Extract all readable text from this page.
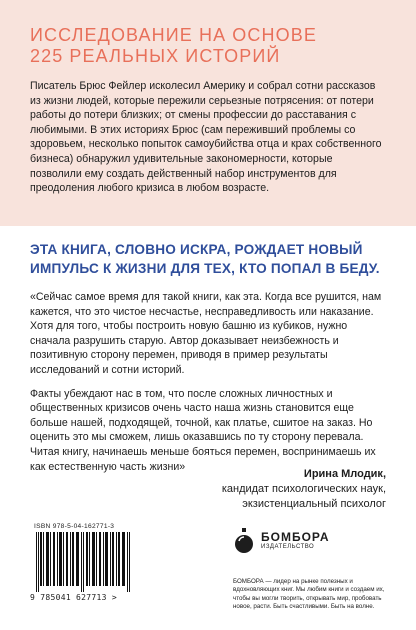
ИССЛЕДОВАНИЕ НА ОСНОВЕ
225 РЕАЛЬНЫХ ИСТОРИЙ

Писатель Брюс Фейлер исколесил Америку и собрал сотни рассказов из жизни людей, которые пережили серьезные потрясения: от потери работы до потери близких; от смены профессии до расставания с любимыми. В этих историях Брюс (сам переживший проблемы со здоровьем, несколько попыток самоубийства отца и крах собственного бизнеса) обнаружил удивительные закономерности, которые позволили ему создать действенный набор инструментов для преодоления любого кризиса в любом возрасте.

ЭТА КНИГА, СЛОВНО ИСКРА, РОЖДАЕТ НОВЫЙ
ИМПУЛЬС К ЖИЗНИ ДЛЯ ТЕХ, КТО ПОПАЛ В БЕДУ.

«Сейчас самое время для такой книги, как эта. Когда все рушится, нам кажется, что это чистое несчастье, несправедливость или наказание. Хотя для того, чтобы построить новую башню из кубиков, нужно сначала разрушить старую. Автор доказывает неизбежность и позитивную сторону перемен, приводя в пример результаты исследований и сотни историй.

Факты убеждают нас в том, что после сложных личностных и общественных кризисов очень часто наша жизнь становится еще больше нашей, подходящей, точной, как платье, сшитое на заказ. Но оценить это мы сможем, лишь оказавшись по ту сторону перевала. Читая книгу, начинаешь меньше бояться перемен, воспринимаешь их как естественную часть жизни»

Ирина Млодик,
кандидат психологических наук,
экзистенциальный психолог
ISBN 978-5-04-162771-3
9 785041 627713 >
БОМБОРА
ИЗДАТЕЛЬСТВО

БОМБОРА — лидер на рынке полезных и вдохновляющих книг. Мы любим книги и создаем их, чтобы вы могли творить, открывать мир, пробовать новое, расти. Быть счастливыми. Быть на волне.
